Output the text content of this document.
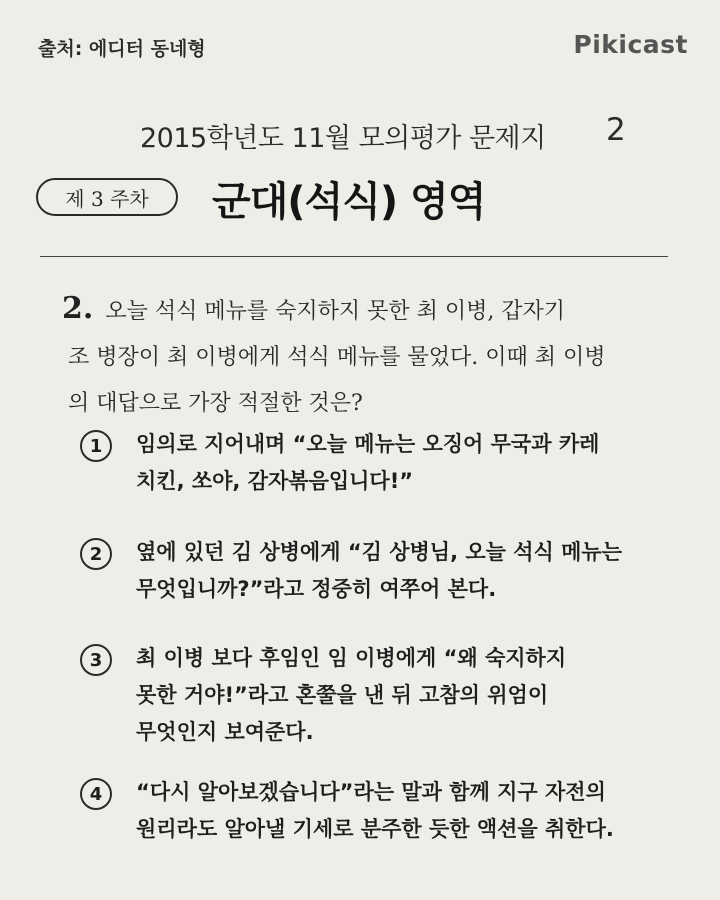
출처: 에디터 동네형	Pikicast
2015학년도 11월 모의평가 문제지 2
제 3 주차	군대(석식) 영역
2. 오늘 석식 메뉴를 숙지하지 못한 최 이병, 갑자기
조 병장이 최 이병에게 석식 메뉴를 물었다. 이때 최 이병
의 대답으로 가장 적절한 것은?
1	임의로 지어내며 “오늘 메뉴는 오징어 무국과 카레
치킨, 쏘야, 감자볶음입니다!”
2	옆에 있던 김 상병에게 “김 상병님, 오늘 석식 메뉴는
무엇입니까?”라고 정중히 여쭈어 본다.
3	최 이병 보다 후임인 임 이병에게 “왜 숙지하지
못한 거야!”라고 혼쭐을 낸 뒤 고참의 위엄이
무엇인지 보여준다.
4	“다시 알아보겠습니다”라는 말과 함께 지구 자전의
원리라도 알아낼 기세로 분주한 듯한 액션을 취한다.
